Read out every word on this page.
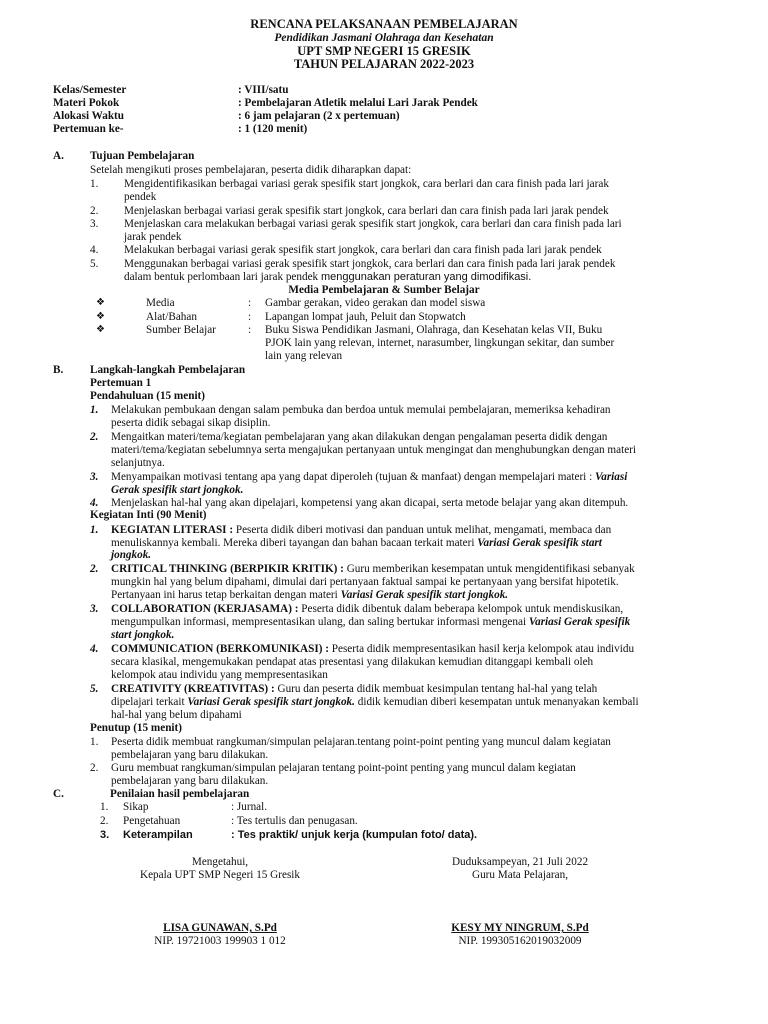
RENCANA PELAKSANAAN PEMBELAJARAN
Pendidikan Jasmani Olahraga dan Kesehatan
UPT SMP NEGERI 15 GRESIK
TAHUN PELAJARAN 2022-2023
Kelas/Semester	: VIII/satu
Materi Pokok	: Pembelajaran Atletik melalui Lari Jarak Pendek
Alokasi Waktu	: 6 jam pelajaran (2 x pertemuan)
Pertemuan ke-	: 1 (120 menit)
A. Tujuan Pembelajaran
Setelah mengikuti proses pembelajaran, peserta didik diharapkan dapat:
1. Mengidentifikasikan berbagai variasi gerak spesifik start jongkok, cara berlari dan cara finish pada lari jarak
pendek
2. Menjelaskan berbagai variasi gerak spesifik start jongkok, cara berlari dan cara finish pada lari jarak pendek
3. Menjelaskan cara melakukan berbagai variasi gerak spesifik start jongkok, cara berlari dan cara finish pada lari
jarak pendek
4. Melakukan berbagai variasi gerak spesifik start jongkok, cara berlari dan cara finish pada lari jarak pendek
5. Menggunakan berbagai variasi gerak spesifik start jongkok, cara berlari dan cara finish pada lari jarak pendek
dalam bentuk perlombaan lari jarak pendek menggunakan peraturan yang dimodifikasi.
Media Pembelajaran & Sumber Belajar
❖	Media	: Gambar gerakan, video gerakan dan model siswa
❖	Alat/Bahan	: Lapangan lompat jauh, Peluit dan Stopwatch
❖	Sumber Belajar	: Buku Siswa Pendidikan Jasmani, Olahraga, dan Kesehatan kelas VII, Buku
PJOK lain yang relevan, internet, narasumber, lingkungan sekitar, dan sumber
lain yang relevan
B. Langkah-langkah Pembelajaran
Pertemuan 1
Pendahuluan (15 menit)
1. Melakukan pembukaan dengan salam pembuka dan berdoa untuk memulai pembelajaran, memeriksa kehadiran
peserta didik sebagai sikap disiplin.
2. Mengaitkan materi/tema/kegiatan pembelajaran yang akan dilakukan dengan pengalaman peserta didik dengan
materi/tema/kegiatan sebelumnya serta mengajukan pertanyaan untuk mengingat dan menghubungkan dengan materi
selanjutnya.
3. Menyampaikan motivasi tentang apa yang dapat diperoleh (tujuan & manfaat) dengan mempelajari materi : Variasi
Gerak spesifik start jongkok.
4. Menjelaskan hal-hal yang akan dipelajari, kompetensi yang akan dicapai, serta metode belajar yang akan ditempuh.
Kegiatan Inti (90 Menit)
1. KEGIATAN LITERASI : Peserta didik diberi motivasi dan panduan untuk melihat, mengamati, membaca dan
menuliskannya kembali. Mereka diberi tayangan dan bahan bacaan terkait materi Variasi Gerak spesifik start
jongkok.
2. CRITICAL THINKING (BERPIKIR KRITIK) : Guru memberikan kesempatan untuk mengidentifikasi sebanyak
mungkin hal yang belum dipahami, dimulai dari pertanyaan faktual sampai ke pertanyaan yang bersifat hipotetik.
Pertanyaan ini harus tetap berkaitan dengan materi Variasi Gerak spesifik start jongkok.
3. COLLABORATION (KERJASAMA) : Peserta didik dibentuk dalam beberapa kelompok untuk mendiskusikan,
mengumpulkan informasi, mempresentasikan ulang, dan saling bertukar informasi mengenai Variasi Gerak spesifik
start jongkok.
4. COMMUNICATION (BERKOMUNIKASI) : Peserta didik mempresentasikan hasil kerja kelompok atau individu
secara klasikal, mengemukakan pendapat atas presentasi yang dilakukan kemudian ditanggapi kembali oleh
kelompok atau individu yang mempresentasikan
5. CREATIVITY (KREATIVITAS) : Guru dan peserta didik membuat kesimpulan tentang hal-hal yang telah
dipelajari terkait Variasi Gerak spesifik start jongkok. didik kemudian diberi kesempatan untuk menanyakan kembali
hal-hal yang belum dipahami
Penutup (15 menit)
1. Peserta didik membuat rangkuman/simpulan pelajaran.tentang point-point penting yang muncul dalam kegiatan
pembelajaran yang baru dilakukan.
2. Guru membuat rangkuman/simpulan pelajaran tentang point-point penting yang muncul dalam kegiatan
pembelajaran yang baru dilakukan.
C.	Penilaian hasil pembelajaran
1. Sikap	: Jurnal.
2. Pengetahuan	: Tes tertulis dan penugasan.
3. Keterampilan	: Tes praktik/ unjuk kerja (kumpulan foto/ data).
Mengetahui,
Kepala UPT SMP Negeri 15 Gresik
LISA GUNAWAN, S.Pd
NIP. 19721003 199903 1 012
Duduksampeyan, 21 Juli 2022
Guru Mata Pelajaran,
KESY MY NINGRUM, S.Pd
NIP. 199305162019032009
